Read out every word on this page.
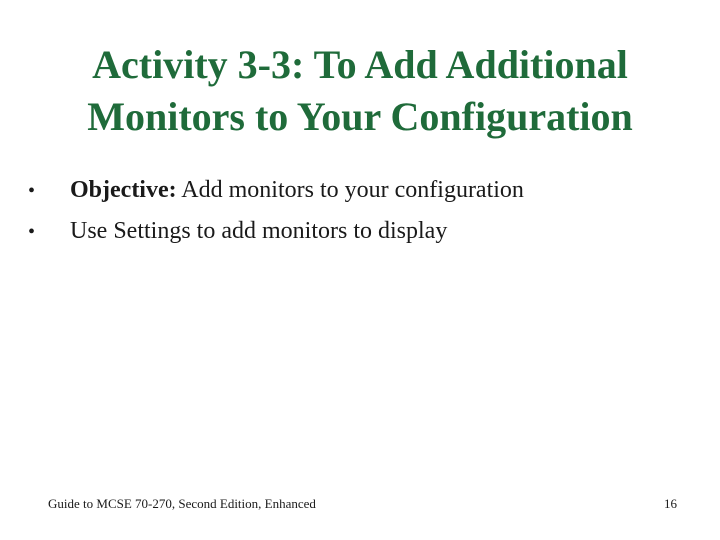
Activity 3-3: To Add Additional
Monitors to Your Configuration
•	Objective: Add monitors to your configuration
•	Use Settings to add monitors to display
Guide to MCSE 70-270, Second Edition, Enhanced	16
